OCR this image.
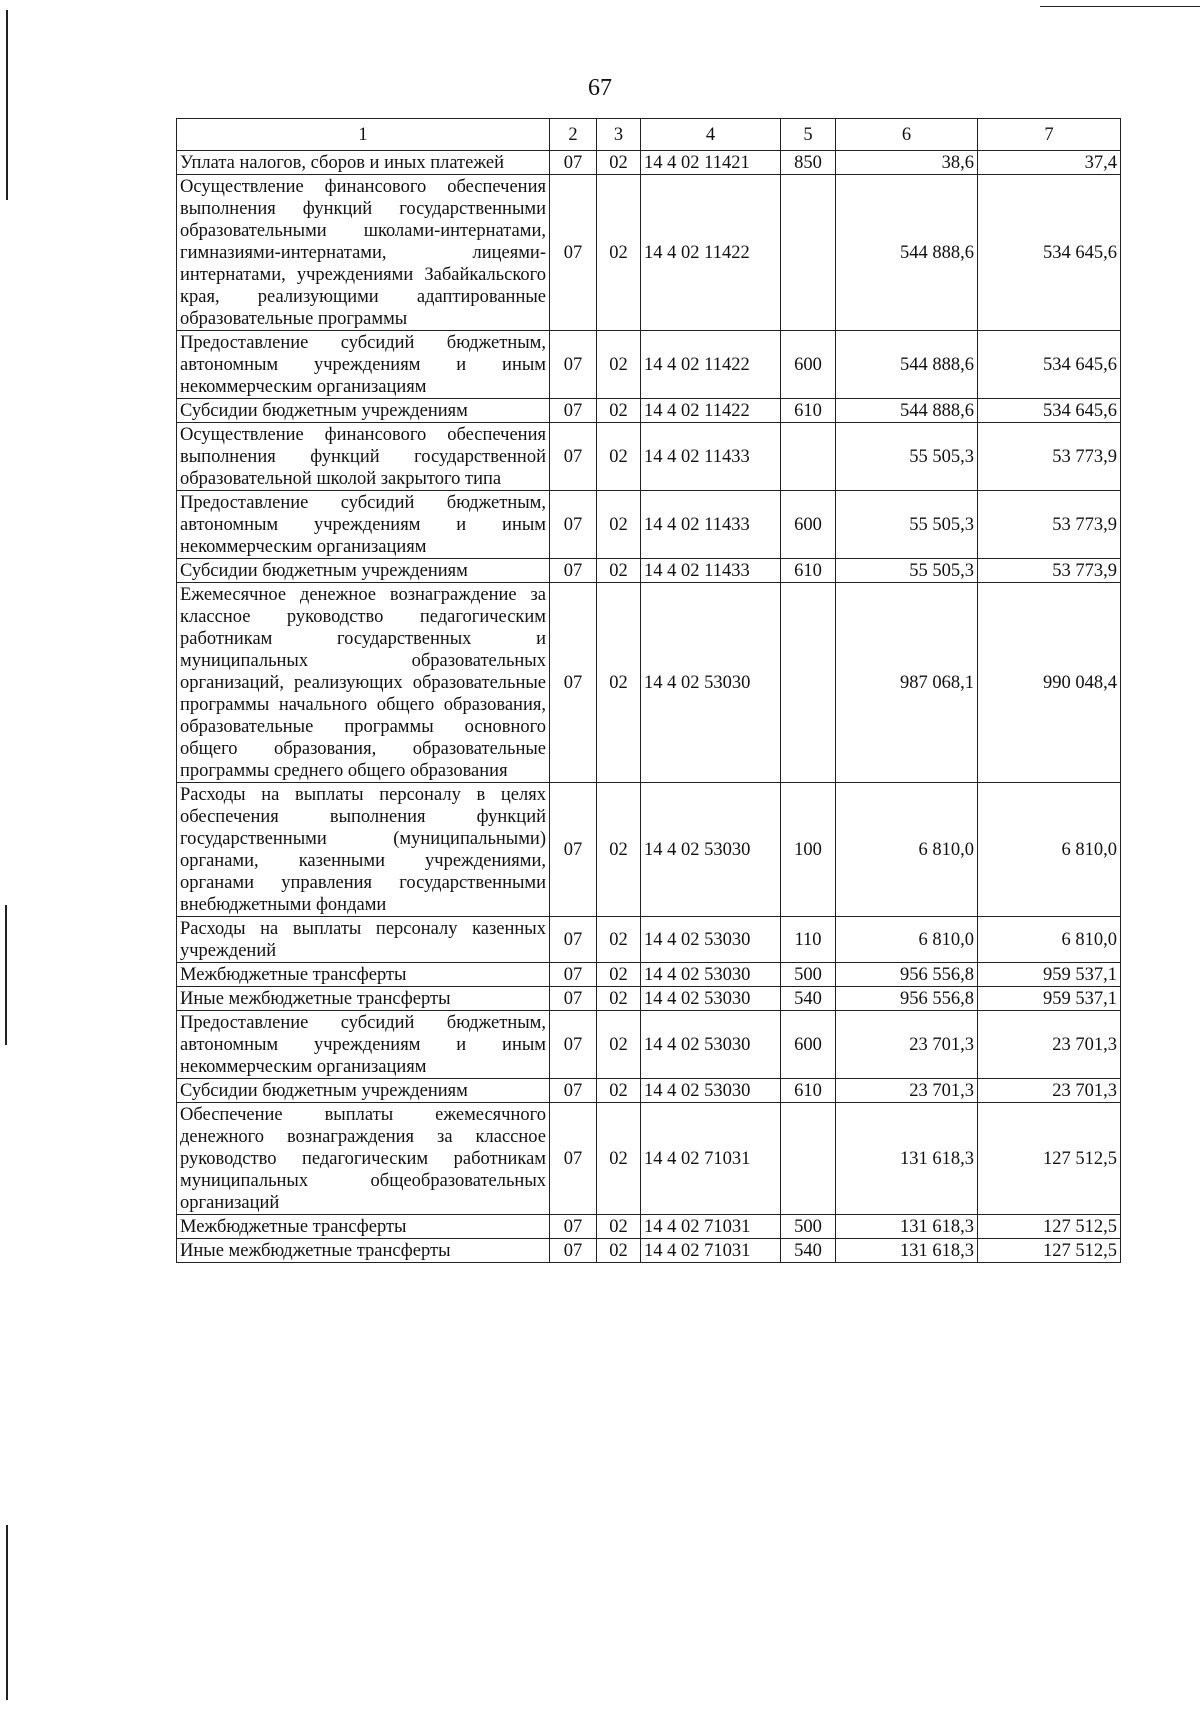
67
1	2	3	4	5	6	7
Уплата налогов, сборов и иных платежей	07	02	14 4 02 11421	850	38,6	37,4
Осуществление финансового обеспечения выполнения функций государственными образовательными школами-интернатами, гимназиями-интернатами, лицеями-интернатами, учреждениями Забайкальского края, реализующими адаптированные образовательные программы	07	02	14 4 02 11422		544 888,6	534 645,6
Предоставление субсидий бюджетным, автономным учреждениям и иным некоммерческим организациям	07	02	14 4 02 11422	600	544 888,6	534 645,6
Субсидии бюджетным учреждениям	07	02	14 4 02 11422	610	544 888,6	534 645,6
Осуществление финансового обеспечения выполнения функций государственной образовательной школой закрытого типа	07	02	14 4 02 11433		55 505,3	53 773,9
Предоставление субсидий бюджетным, автономным учреждениям и иным некоммерческим организациям	07	02	14 4 02 11433	600	55 505,3	53 773,9
Субсидии бюджетным учреждениям	07	02	14 4 02 11433	610	55 505,3	53 773,9
Ежемесячное денежное вознаграждение за классное руководство педагогическим работникам государственных и муниципальных образовательных организаций, реализующих образовательные программы начального общего образования, образовательные программы основного общего образования, образовательные программы среднего общего образования	07	02	14 4 02 53030		987 068,1	990 048,4
Расходы на выплаты персоналу в целях обеспечения выполнения функций государственными (муниципальными) органами, казенными учреждениями, органами управления государственными внебюджетными фондами	07	02	14 4 02 53030	100	6 810,0	6 810,0
Расходы на выплаты персоналу казенных учреждений	07	02	14 4 02 53030	110	6 810,0	6 810,0
Межбюджетные трансферты	07	02	14 4 02 53030	500	956 556,8	959 537,1
Иные межбюджетные трансферты	07	02	14 4 02 53030	540	956 556,8	959 537,1
Предоставление субсидий бюджетным, автономным учреждениям и иным некоммерческим организациям	07	02	14 4 02 53030	600	23 701,3	23 701,3
Субсидии бюджетным учреждениям	07	02	14 4 02 53030	610	23 701,3	23 701,3
Обеспечение выплаты ежемесячного денежного вознаграждения за классное руководство педагогическим работникам муниципальных общеобразовательных организаций	07	02	14 4 02 71031		131 618,3	127 512,5
Межбюджетные трансферты	07	02	14 4 02 71031	500	131 618,3	127 512,5
Иные межбюджетные трансферты	07	02	14 4 02 71031	540	131 618,3	127 512,5
